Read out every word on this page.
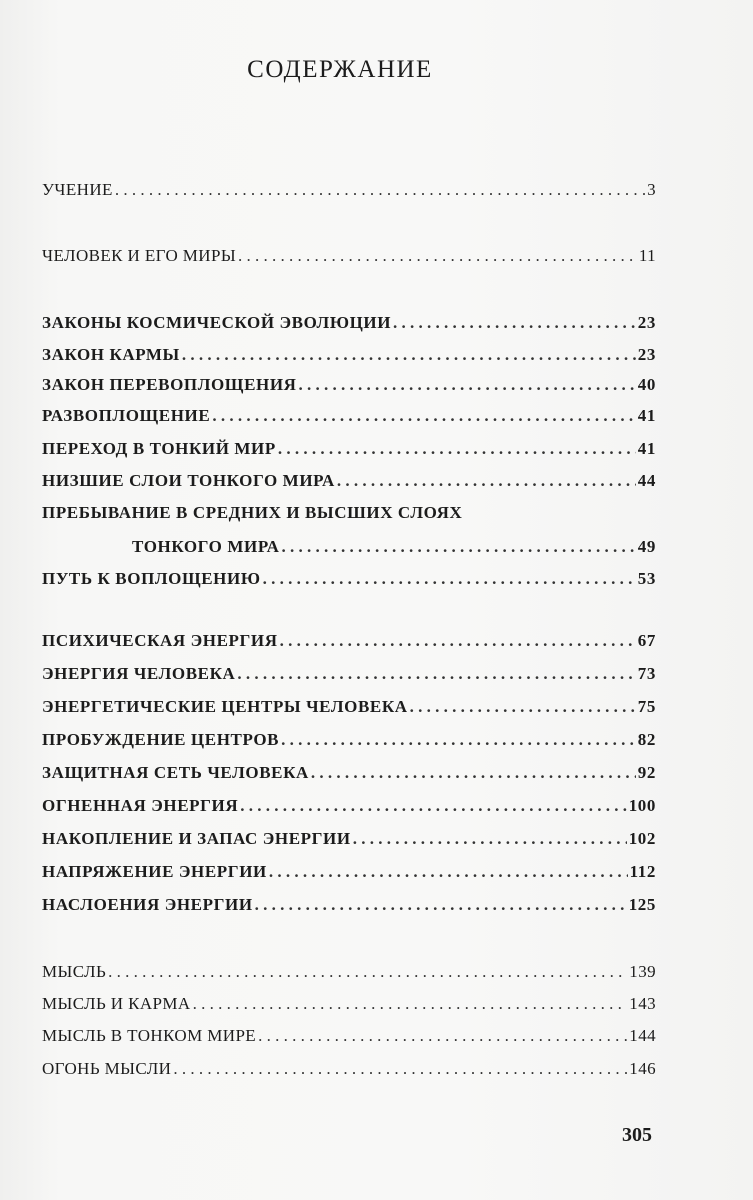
СОДЕРЖАНИЕ
УЧЕНИЕ . . .	3
ЧЕЛОВЕК И ЕГО МИРЫ . . .	11
ЗАКОНЫ КОСМИЧЕСКОЙ ЭВОЛЮЦИИ . . .	23
ЗАКОН КАРМЫ . . .	23
ЗАКОН ПЕРЕВОПЛОЩЕНИЯ . . .	40
РАЗВОПЛОЩЕНИЕ . . .	41
ПЕРЕХОД В ТОНКИЙ МИР . . .	41
НИЗШИЕ СЛОИ ТОНКОГО МИРА . . .	44
ПРЕБЫВАНИЕ В СРЕДНИХ И ВЫСШИХ СЛОЯХ
ТОНКОГО МИРА . . .	49
ПУТЬ К ВОПЛОЩЕНИЮ . . .	53
ПСИХИЧЕСКАЯ ЭНЕРГИЯ . . .	67
ЭНЕРГИЯ ЧЕЛОВЕКА . . .	73
ЭНЕРГЕТИЧЕСКИЕ ЦЕНТРЫ ЧЕЛОВЕКА . . .	75
ПРОБУЖДЕНИЕ ЦЕНТРОВ . . .	82
ЗАЩИТНАЯ СЕТЬ ЧЕЛОВЕКА . . .	92
ОГНЕННАЯ ЭНЕРГИЯ . . .	100
НАКОПЛЕНИЕ И ЗАПАС ЭНЕРГИИ . . .	102
НАПРЯЖЕНИЕ ЭНЕРГИИ . . .	112
НАСЛОЕНИЯ ЭНЕРГИИ . . .	125
МЫСЛЬ . . .	139
МЫСЛЬ И КАРМА . . .	143
МЫСЛЬ В ТОНКОМ МИРЕ . . .	144
ОГОНЬ МЫСЛИ . . .	146
305
